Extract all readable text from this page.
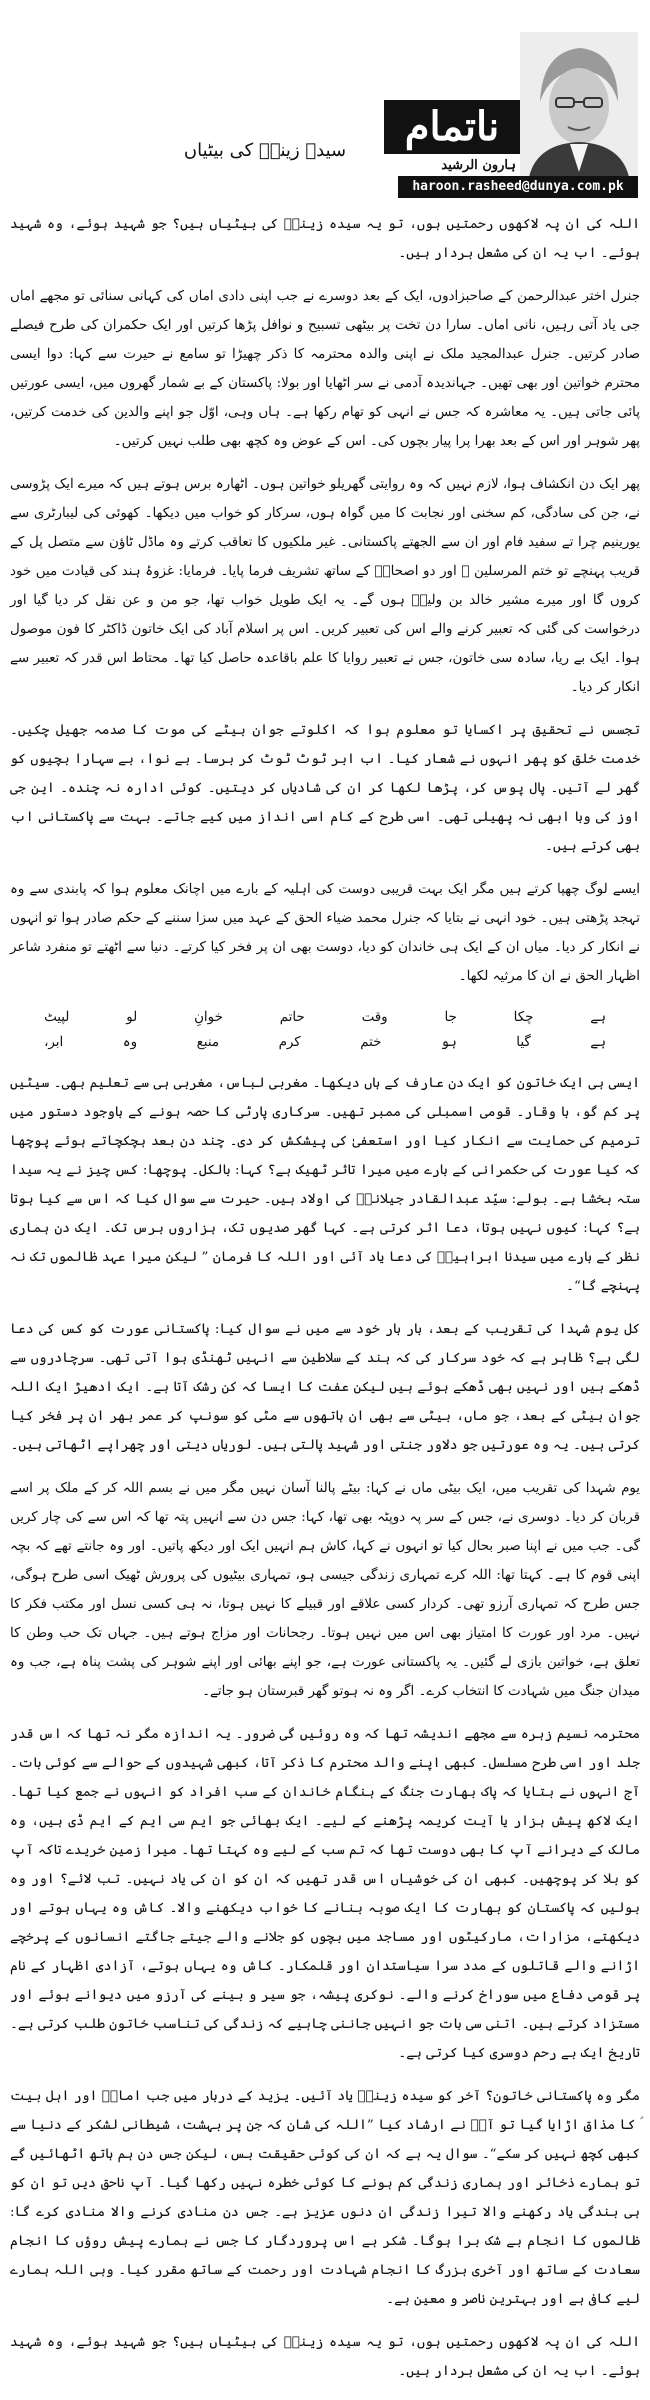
ناتمام
ہارون الرشید
haroon.rasheed@dunya.com.pk
سیدہ زینبؑ کی بیٹیاں

اللہ کی ان پہ لاکھوں رحمتیں ہوں، تو یہ سیدہ زینبؓ کی بیٹیاں ہیں؟ جو شہید ہوئے، وہ شہید ہوئے۔ اب یہ ان کی مشعل بردار ہیں۔

جنرل اختر عبدالرحمن کے صاحبزادوں، ایک کے بعد دوسرے نے جب اپنی دادی اماں کی کہانی سنائی تو مجھے اماں جی یاد آتی رہیں، نانی اماں۔ سارا دن تخت پر بیٹھی تسبیح و نوافل پڑھا کرتیں اور ایک حکمران کی طرح فیصلے صادر کرتیں۔ جنرل عبدالمجید ملک نے اپنی والدہ محترمہ کا ذکر چھیڑا تو سامع نے حیرت سے کہا: دوا ایسی محترم خواتین اور بھی تھیں۔ جہاندیدہ آدمی نے سر اٹھایا اور بولا: پاکستان کے بے شمار گھروں میں، ایسی عورتیں پائی جاتی ہیں۔ یہ معاشرہ کہ جس نے انہی کو تھام رکھا ہے۔ ہاں وہی، اوّل جو اپنے والدین کی خدمت کرتیں، پھر شوہر اور اس کے بعد بھرا پرا پیار بچوں کی۔ اس کے عوض وہ کچھ بھی طلب نہیں کرتیں۔

پھر ایک دن انکشاف ہوا، لازم نہیں کہ وہ روایتی گھریلو خواتین ہوں۔ اٹھارہ برس ہوتے ہیں کہ میرے ایک پڑوسی نے، جن کی سادگی، کم سخنی اور نجابت کا میں گواہ ہوں، سرکار کو خواب میں دیکھا۔ کھوئی کی لیبارٹری سے یورینیم چرا تے سفید فام اور ان سے الجھتے پاکستانی۔ غیر ملکیوں کا تعاقب کرتے وہ ماڈل ٹاؤن سے متصل پل کے قریب پہنچے تو ختم المرسلین ﷺ اور دو اصحابؓ کے ساتھ تشریف فرما پایا۔ فرمایا: غزوۂ ہند کی قیادت میں خود کروں گا اور میرے مشیر خالد بن ولیدؓ ہوں گے۔ یہ ایک طویل خواب تھا، جو من و عن نقل کر دیا گیا اور درخواست کی گئی کہ تعبیر کرنے والے اس کی تعبیر کریں۔ اس پر اسلام آباد کی ایک خاتون ڈاکٹر کا فون موصول ہوا۔ ایک بے ریا، سادہ سی خاتون، جس نے تعبیر روایا کا علم باقاعدہ حاصل کیا تھا۔ محتاط اس قدر کہ تعبیر سے انکار کر دیا۔

تجسس نے تحقیق پر اکسایا تو معلوم ہوا کہ اکلوتے جوان بیٹے کی موت کا صدمہ جھیل چکیں۔ خدمت خلق کو پھر انہوں نے شعار کیا۔ اب ابر ٹوٹ ٹوٹ کر برسا۔ بے نوا، بے سہارا بچیوں کو گھر لے آتیں۔ پال پوس کر، پڑھا لکھا کر ان کی شادیاں کر دیتیں۔ کوئی ادارہ نہ چندہ۔ این جی اوز کی وبا ابھی نہ پھیلی تھی۔ اسی طرح کے کام اسی انداز میں کیے جاتے۔ بہت سے پاکستانی اب بھی کرتے ہیں۔

ایسے لوگ چھپا کرتے ہیں مگر ایک بہت قریبی دوست کی اہلیہ کے بارے میں اچانک معلوم ہوا کہ پابندی سے وہ تہجد پڑھتی ہیں۔ خود انہی نے بتایا کہ جنرل محمد ضیاء الحق کے عہد میں سزا سننے کے حکم صادر ہوا تو انہوں نے انکار کر دیا۔ میاں ان کے ایک ہی خاندان کو دیا، دوست بھی ان پر فخر کیا کرتے۔ دنیا سے اٹھتے تو منفرد شاعر اظہار الحق نے ان کا مرثیہ لکھا۔

لپیٹ	لو	خوانِ	حاتم	وقت	جا	چکا	ہے
ابر،	وہ	منبع	کرم	ختم	ہو	گیا	ہے

ایسی ہی ایک خاتون کو ایک دن عارف کے ہاں دیکھا۔ مغربی لباس، مغربی ہی سے تعلیم بھی۔ سیٹیں پر کم گو، با وقار۔ قومی اسمبلی کی ممبر تھیں۔ سرکاری پارٹی کا حصہ ہونے کے باوجود دستور میں ترمیم کی حمایت سے انکار کیا اور استعفیٰ کی پیشکش کر دی۔ چند دن بعد ہچکچاتے ہوئے پوچھا کہ کیا عورت کی حکمرانی کے بارے میں میرا تاثر ٹھیک ہے؟ کہا: بالکل۔ پوچھا: کس چیز نے یہ سیدا ستہ بخشا ہے۔ بولے: سیّد عبدالقادر جیلانیؒ کی اولاد ہیں۔ حیرت سے سوال کیا کہ اس سے کیا ہوتا ہے؟ کہا: کیوں نہیں ہوتا، دعا اثر کرتی ہے۔ کہا گھر صدیوں تک، ہزاروں برس تک۔ ایک دن ہماری نظر کے بارے میں سیدنا ابراہیمؑ کی دعا یاد آئی اور اللہ کا فرمان ” لیکن میرا عہد ظالموں تک نہ پہنچے گا“۔

کل یوم شہدا کی تقریب کے بعد، بار بار خود سے میں نے سوال کیا: پاکستانی عورت کو کس کی دعا لگی ہے؟ ظاہر ہے کہ خود سرکار کی کہ ہند کے سلاطین سے انہیں ٹھنڈی ہوا آتی تھی۔ سرچادروں سے ڈھکے ہیں اور نہیں بھی ڈھکے ہوئے ہیں لیکن عفت کا ایسا کہ کن رشک آتا ہے۔ ایک ادھیڑ ایک اللہ جوان بیٹی کے بعد، جو ماں، بیٹی سے بھی ان ہاتھوں سے مٹی کو سونپ کر عمر بھر ان پر فخر کیا کرتی ہیں۔ یہ وہ عورتیں جو دلاور جنتی اور شہید پالتی ہیں۔ لوریاں دیتی اور چھراپے اٹھاتی ہیں۔

یوم شہدا کی تقریب میں، ایک بیٹی ماں نے کہا: بیٹے پالنا آسان نہیں مگر میں نے بسم اللہ کر کے ملک پر اسے قربان کر دیا۔ دوسری نے، جس کے سر پہ دوپٹہ بھی تھا، کہا: جس دن سے انہیں پتہ تھا کہ اس سے کی چار کریں گی۔ جب میں نے اپنا صبر بحال کیا تو انہوں نے کہا، کاش ہم انہیں ایک اور دیکھ پاتیں۔ اور وہ جانتے تھے کہ بچہ اپنی قوم کا ہے۔ کہتا تھا: اللہ کرے تمہاری زندگی جیسی ہو، تمہاری بیٹیوں کی پرورش ٹھیک اسی طرح ہوگی، جس طرح کہ تمہاری آرزو تھی۔ کردار کسی علاقے اور قبیلے کا نہیں ہوتا، نہ ہی کسی نسل اور مکتب فکر کا نہیں۔ مرد اور عورت کا امتیاز بھی اس میں نہیں ہوتا۔ رجحانات اور مزاج ہوتے ہیں۔ جہاں تک حب وطن کا تعلق ہے، خواتین بازی لے گئیں۔ یہ پاکستانی عورت ہے، جو اپنے بھائی اور اپنے شوہر کی پشت پناہ ہے، جب وہ میدان جنگ میں شہادت کا انتخاب کرے۔ اگر وہ نہ ہوتو گھر قبرستان ہو جاتے۔

محترمہ نسیم زہرہ سے مجھے اندیشہ تھا کہ وہ روئیں گی ضرور۔ یہ اندازہ مگر نہ تھا کہ اس قدر جلد اور اسی طرح مسلسل۔ کبھی اپنے والد محترم کا ذکر آتا، کبھی شہیدوں کے حوالے سے کوئی بات۔ آج انہوں نے بتایا کہ پاک بھارت جنگ کے ہنگام خاندان کے سب افراد کو انہوں نے جمع کیا تھا۔ ایک لاکھ پیش ہزار یا آیت کریمہ پڑھنے کے لیے۔ ایک بھائی جو ایم سی ایم کے ایم ڈی ہیں، وہ مالک کے دیرانے آپ کا بھی دوست تھا کہ تم سب کے لیے وہ کہتا تھا۔ میرا زمین خریدے تاکہ آپ کو بلا کر پوچھیں۔ کبھی ان کی خوشیاں اس قدر تھیں کہ ان کو ان کی یاد نہیں۔ تب لائے؟ اور وہ بولیں کہ پاکستان کو بھارت کا ایک صوبہ بنانے کا خواب دیکھنے والا۔ کاش وہ یہاں ہوتے اور دیکھتے، مزارات، مارکیٹوں اور مساجد میں بچوں کو جلانے والے جیتے جاگتے انسانوں کے پرخچے اڑانے والے قاتلوں کے مدد سرا سیاستدان اور قلمکار۔ کاش وہ یہاں ہوتے، آزادی اظہار کے نام پر قومی دفاع میں سوراخ کرنے والے۔ نوکری پیشہ، جو سیر و بینے کی آرزو میں دیوانے ہوئے اور مستزاد کرتے ہیں۔ اتنی سی بات جو انہیں جاننی چاہیے کہ زندگی کی تناسب خاتون طلب کرتی ہے۔ تاریخ ایک بے رحم دوسری کیا کرتی ہے۔

مگر وہ پاکستانی خاتون؟ آخر کو سیدہ زینبؓ یاد آئیں۔ یزید کے دربار میں جب امامؑ اور اہل بیت ؑ کا مذاق اڑایا گیا تو آپؓ نے ارشاد کیا ”اللہ کی شان کہ جن پر بہشت، شیطانی لشکر کے دنیا سے کبھی کچھ نہیں کر سکے“۔ سوال یہ ہے کہ ان کی کوئی حقیقت بس، لیکن جس دن ہم ہاتھ اٹھائیں گے تو ہمارے ذخائر اور ہماری زندگی کم ہونے کا کوئی خطرہ نہیں رکھا گیا۔ آپ ناحق دیں تو ان کو ہی بندگی یاد رکھنے والا تیرا زندگی ان دنوں عزیز ہے۔ جس دن منادی کرنے والا منادی کرے گا: ظالموں کا انجام بے شک برا ہوگا۔ شکر ہے اس پروردگار کا جس نے ہمارے پیش روؤں کا انجام سعادت کے ساتھ اور آخری بزرگ کا انجام شہادت اور رحمت کے ساتھ مقرر کیا۔ وہی اللہ ہمارے لیے کافی ہے اور بہترین ناصر و معین ہے۔

اللہ کی ان پہ لاکھوں رحمتیں ہوں، تو یہ سیدہ زینبؓ کی بیٹیاں ہیں؟ جو شہید ہوئے، وہ شہید ہوئے۔ اب یہ ان کی مشعل بردار ہیں۔
